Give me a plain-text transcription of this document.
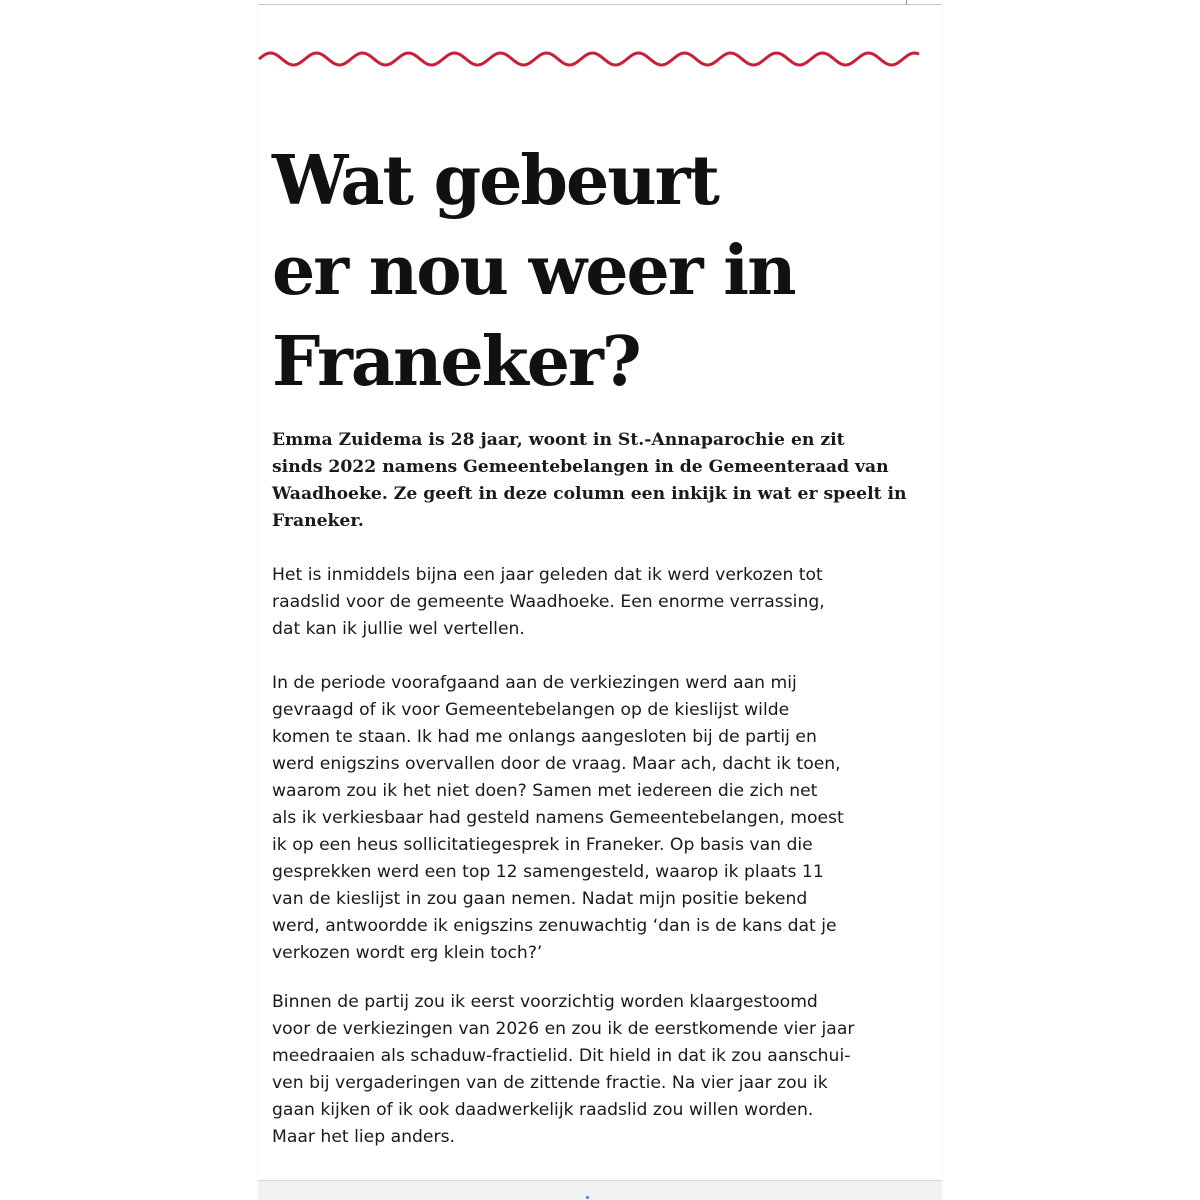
Wat gebeurt
er nou weer in
Franeker?

Emma Zuidema is 28 jaar, woont in St.-Annaparochie en zit
sinds 2022 namens Gemeentebelangen in de Gemeenteraad van
Waadhoeke. Ze geeft in deze column een inkijk in wat er speelt in
Franeker.

Het is inmiddels bijna een jaar geleden dat ik werd verkozen tot
raadslid voor de gemeente Waadhoeke. Een enorme verrassing,
dat kan ik jullie wel vertellen.

In de periode voorafgaand aan de verkiezingen werd aan mij
gevraagd of ik voor Gemeentebelangen op de kieslijst wilde
komen te staan. Ik had me onlangs aangesloten bij de partij en
werd enigszins overvallen door de vraag. Maar ach, dacht ik toen,
waarom zou ik het niet doen? Samen met iedereen die zich net
als ik verkiesbaar had gesteld namens Gemeentebelangen, moest
ik op een heus sollicitatiegesprek in Franeker. Op basis van die
gesprekken werd een top 12 samengesteld, waarop ik plaats 11
van de kieslijst in zou gaan nemen. Nadat mijn positie bekend
werd, antwoordde ik enigszins zenuwachtig ‘dan is de kans dat je
verkozen wordt erg klein toch?’

Binnen de partij zou ik eerst voorzichtig worden klaargestoomd
voor de verkiezingen van 2026 en zou ik de eerstkomende vier jaar
meedraaien als schaduw-fractielid. Dit hield in dat ik zou aanschui-
ven bij vergaderingen van de zittende fractie. Na vier jaar zou ik
gaan kijken of ik ook daadwerkelijk raadslid zou willen worden.
Maar het liep anders.
